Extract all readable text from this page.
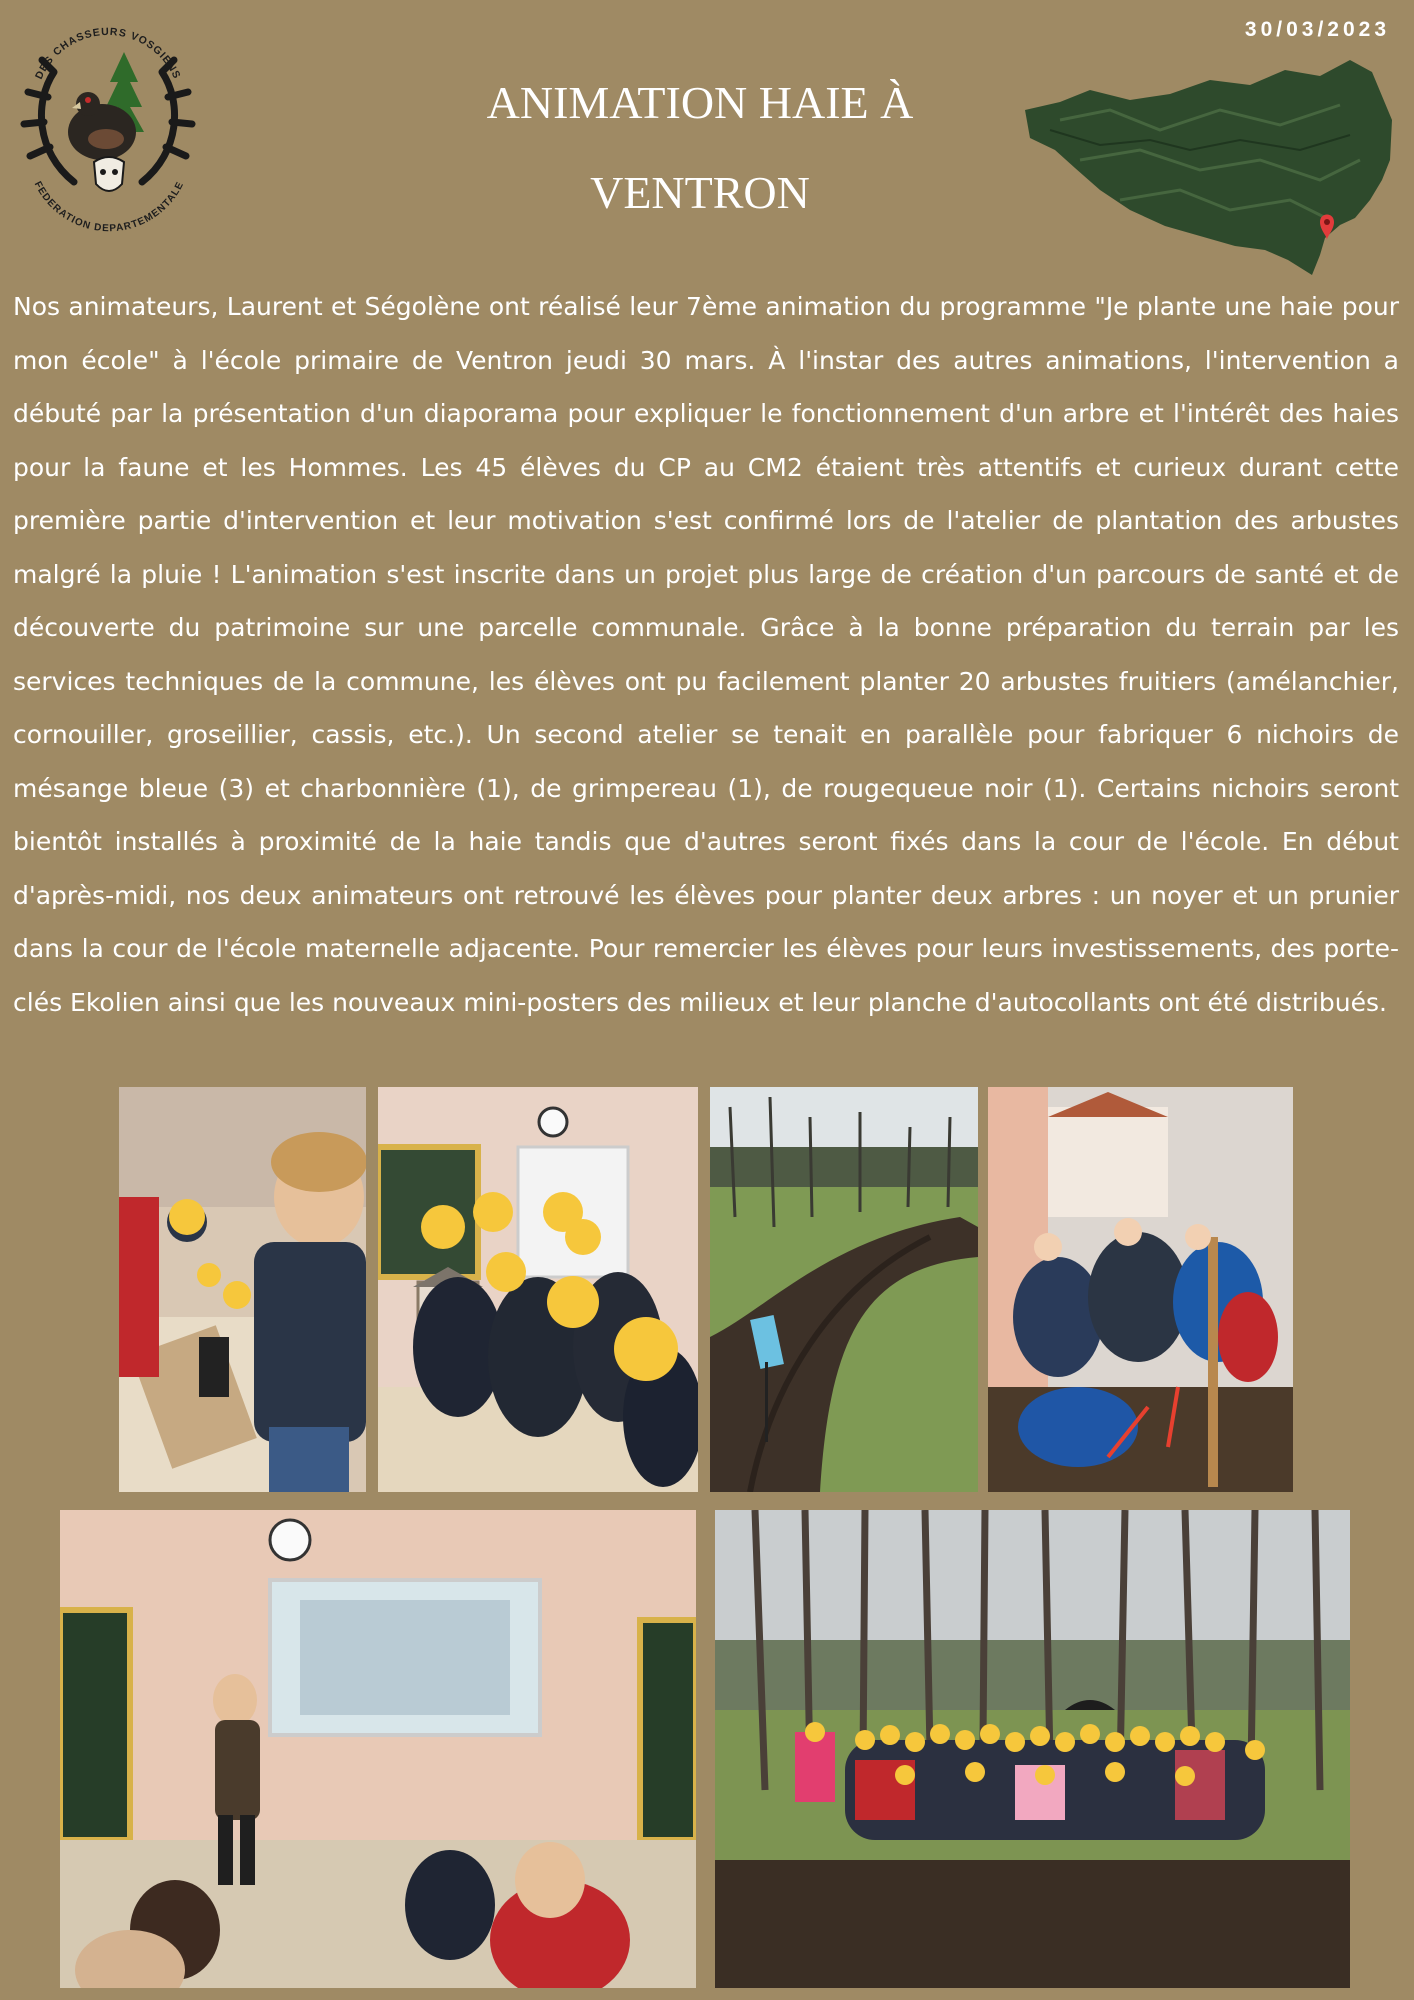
30/03/2023
DES CHASSEURS VOSGIENS
FEDERATION DEPARTEMENTALE
ANIMATION HAIE À
VENTRON

Nos animateurs, Laurent et Ségolène ont réalisé leur 7ème animation du programme "Je plante une haie pour mon école" à l'école primaire de Ventron jeudi 30 mars. À l'instar des autres animations, l'intervention a débuté par la présentation d'un diaporama pour expliquer le fonctionnement d'un arbre et l'intérêt des haies pour la faune et les Hommes. Les 45 élèves du CP au CM2 étaient très attentifs et curieux durant cette première partie d'intervention et leur motivation s'est confirmé lors de l'atelier de plantation des arbustes malgré la pluie ! L'animation s'est inscrite dans un projet plus large de création d'un parcours de santé et de découverte du patrimoine sur une parcelle communale. Grâce à la bonne préparation du terrain par les services techniques de la commune, les élèves ont pu facilement planter 20 arbustes fruitiers (amélanchier, cornouiller, groseillier, cassis, etc.). Un second atelier se tenait en parallèle pour fabriquer 6 nichoirs de mésange bleue (3) et charbonnière (1), de grimpereau (1), de rougequeue noir (1). Certains nichoirs seront bientôt installés à proximité de la haie tandis que d'autres seront fixés dans la cour de l'école. En début d'après-midi, nos deux animateurs ont retrouvé les élèves pour planter deux arbres : un noyer et un prunier dans la cour de l'école maternelle adjacente. Pour remercier les élèves pour leurs investissements, des porte-clés Ekolien ainsi que les nouveaux mini-posters des milieux et leur planche d'autocollants ont été distribués.
